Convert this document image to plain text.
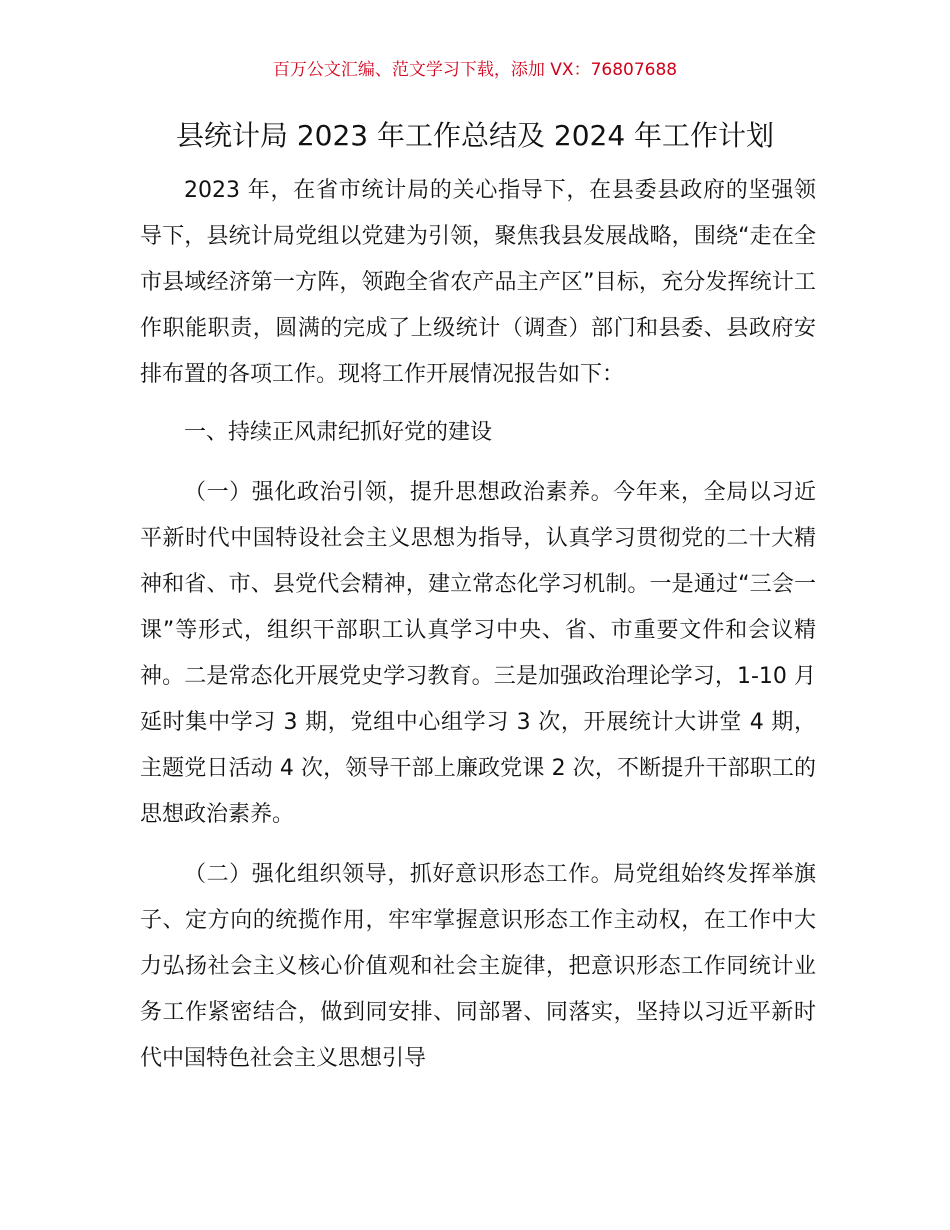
百万公文汇编、范文学习下载，添加 VX：76807688
县统计局 2023 年工作总结及 2024 年工作计划

2023 年，在省市统计局的关心指导下，在县委县政府的坚强领导下，县统计局党组以党建为引领，聚焦我县发展战略，围绕“走在全市县域经济第一方阵，领跑全省农产品主产区”目标，充分发挥统计工作职能职责，圆满的完成了上级统计（调查）部门和县委、县政府安排布置的各项工作。现将工作开展情况报告如下：

一、持续正风肃纪抓好党的建设

（一）强化政治引领，提升思想政治素养。今年来，全局以习近平新时代中国特设社会主义思想为指导，认真学习贯彻党的二十大精神和省、市、县党代会精神，建立常态化学习机制。一是通过“三会一课”等形式，组织干部职工认真学习中央、省、市重要文件和会议精神。二是常态化开展党史学习教育。三是加强政治理论学习，1-10 月延时集中学习 3 期，党组中心组学习 3 次，开展统计大讲堂 4 期，主题党日活动 4 次，领导干部上廉政党课 2 次，不断提升干部职工的思想政治素养。

（二）强化组织领导，抓好意识形态工作。局党组始终发挥举旗子、定方向的统揽作用，牢牢掌握意识形态工作主动权，在工作中大力弘扬社会主义核心价值观和社会主旋律，把意识形态工作同统计业务工作紧密结合，做到同安排、同部署、同落实，坚持以习近平新时代中国特色社会主义思想引导
